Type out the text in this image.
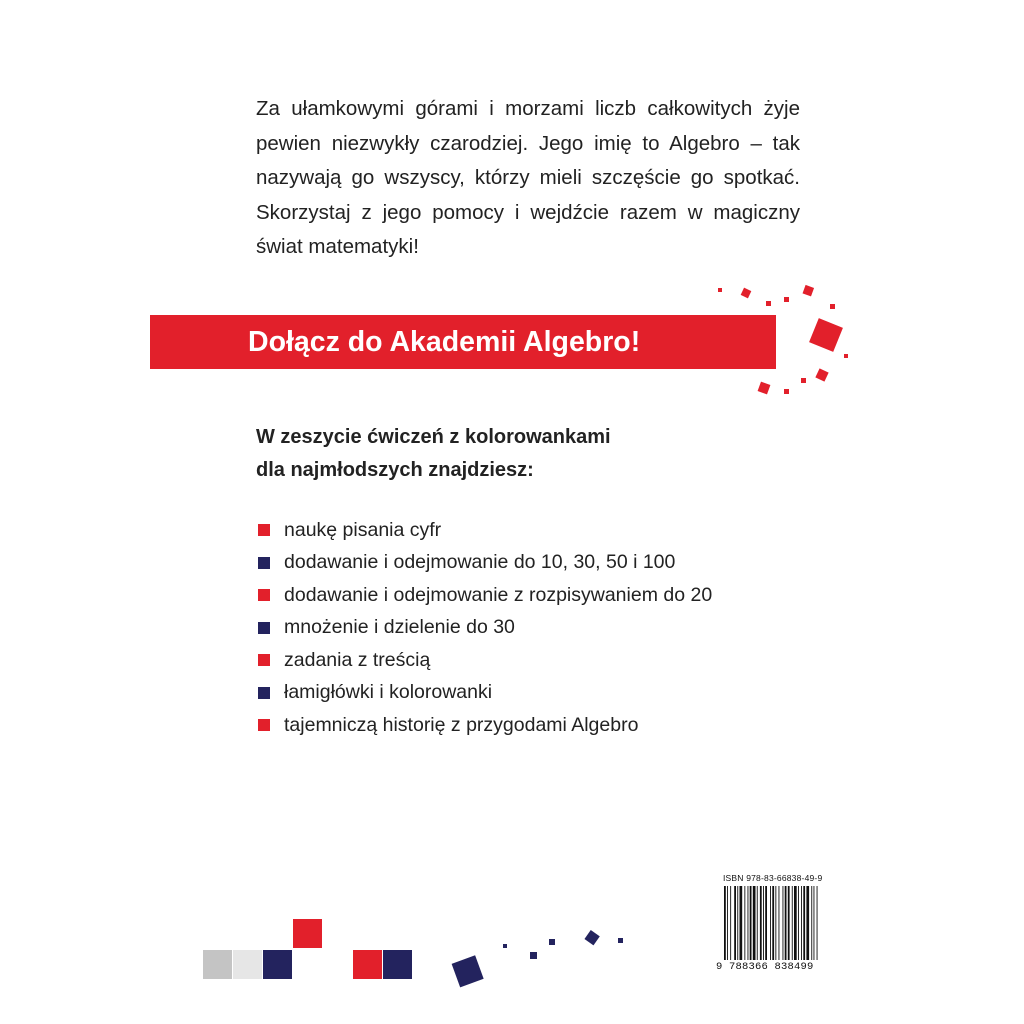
Za ułamkowymi górami i morzami liczb całkowitych żyje pewien niezwykły czarodziej. Jego imię to Algebro – tak nazywają go wszyscy, którzy mieli szczęście go spotkać. Skorzystaj z jego pomocy i wejdźcie razem w magiczny świat matematyki!

Dołącz do Akademii Algebro!

W zeszycie ćwiczeń z kolorowankami
dla najmłodszych znajdziesz:

naukę pisania cyfr
dodawanie i odejmowanie do 10, 30, 50 i 100
dodawanie i odejmowanie z rozpisywaniem do 20
mnożenie i dzielenie do 30
zadania z treścią
łamigłówki i kolorowanki
tajemniczą historię z przygodami Algebro
ISBN 978-83-66838-49-9
9 788366 838499
